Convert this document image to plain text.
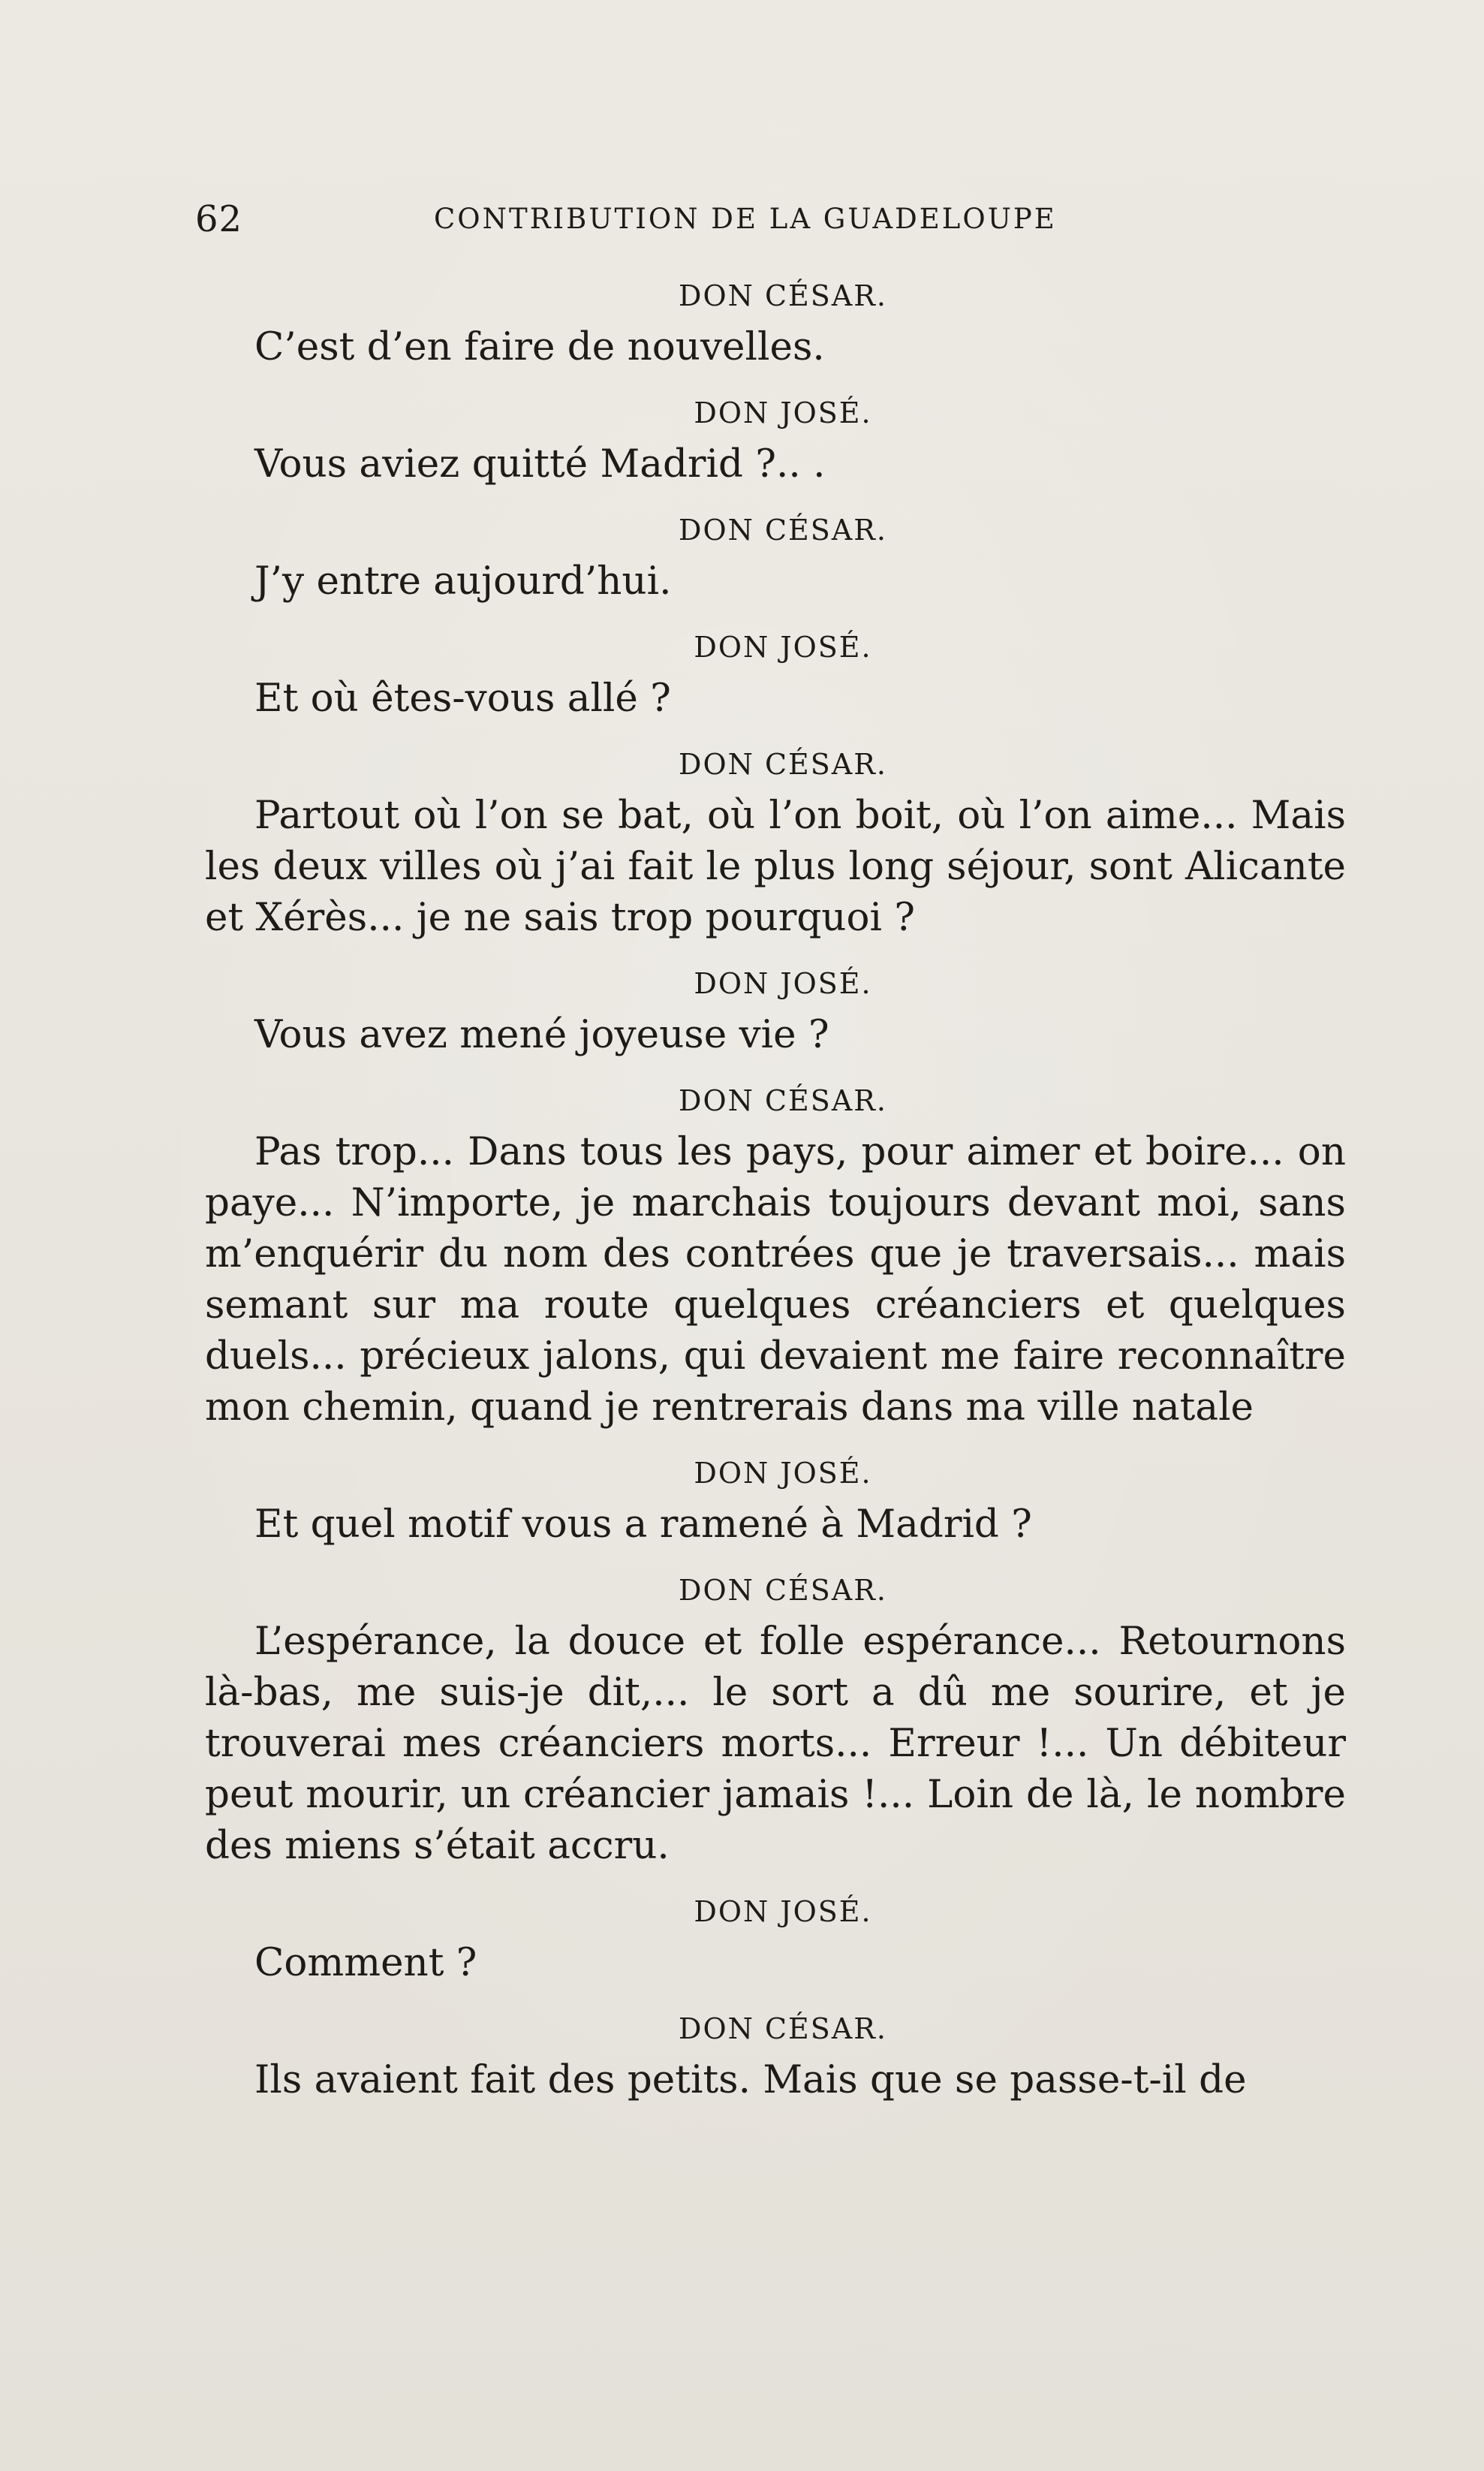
62	CONTRIBUTION DE LA GUADELOUPE
DON CÉSAR.

C’est d’en faire de nouvelles.

DON JOSÉ.

Vous aviez quitté Madrid ?.. .

DON CÉSAR.

J’y entre aujourd’hui.

DON JOSÉ.

Et où êtes-vous allé ?

DON CÉSAR.

Partout où l’on se bat, où l’on boit, où l’on aime... Mais les deux villes où j’ai fait le plus long séjour, sont Alicante et Xérès... je ne sais trop pourquoi ?

DON JOSÉ.

Vous avez mené joyeuse vie ?

DON CÉSAR.

Pas trop... Dans tous les pays, pour aimer et boire... on paye... N’importe, je marchais toujours devant moi, sans m’enquérir du nom des contrées que je traversais... mais semant sur ma route quelques créanciers et quelques duels... précieux jalons, qui devaient me faire reconnaître mon chemin, quand je rentrerais dans ma ville natale

DON JOSÉ.

Et quel motif vous a ramené à Madrid ?

DON CÉSAR.

L’espérance, la douce et folle espérance... Retournons là-bas, me suis-je dit,... le sort a dû me sourire, et je trouverai mes créanciers morts... Erreur !... Un débiteur peut mourir, un créancier jamais !... Loin de là, le nombre des miens s’était accru.

DON JOSÉ.

Comment ?

DON CÉSAR.

Ils avaient fait des petits. Mais que se passe-t-il de
